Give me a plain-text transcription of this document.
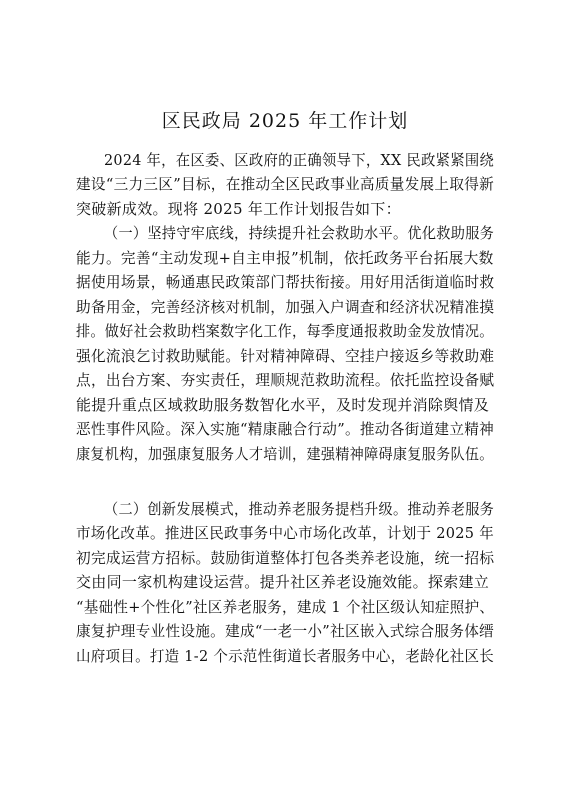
区民政局 2025 年工作计划
2024 年，在区委、区政府的正确领导下，XX 民政紧紧围绕
建设“三力三区”目标，在推动全区民政事业高质量发展上取得新
突破新成效。现将 2025 年工作计划报告如下：
（一）坚持守牢底线，持续提升社会救助水平。优化救助服务
能力。完善“主动发现+自主申报”机制，依托政务平台拓展大数
据使用场景，畅通惠民政策部门帮扶衔接。用好用活街道临时救
助备用金，完善经济核对机制，加强入户调查和经济状况精准摸
排。做好社会救助档案数字化工作，每季度通报救助金发放情况。
强化流浪乞讨救助赋能。针对精神障碍、空挂户接返乡等救助难
点，出台方案、夯实责任，理顺规范救助流程。依托监控设备赋
能提升重点区域救助服务数智化水平，及时发现并消除舆情及
恶性事件风险。深入实施“精康融合行动”。推动各街道建立精神
康复机构，加强康复服务人才培训，建强精神障碍康复服务队伍。
（二）创新发展模式，推动养老服务提档升级。推动养老服务
市场化改革。推进区民政事务中心市场化改革，计划于 2025 年
初完成运营方招标。鼓励街道整体打包各类养老设施，统一招标
交由同一家机构建设运营。提升社区养老设施效能。探索建立
“基础性+个性化”社区养老服务，建成 1 个社区级认知症照护、
康复护理专业性设施。建成“一老一小”社区嵌入式综合服务体缙
山府项目。打造 1-2 个示范性街道长者服务中心，老龄化社区长
